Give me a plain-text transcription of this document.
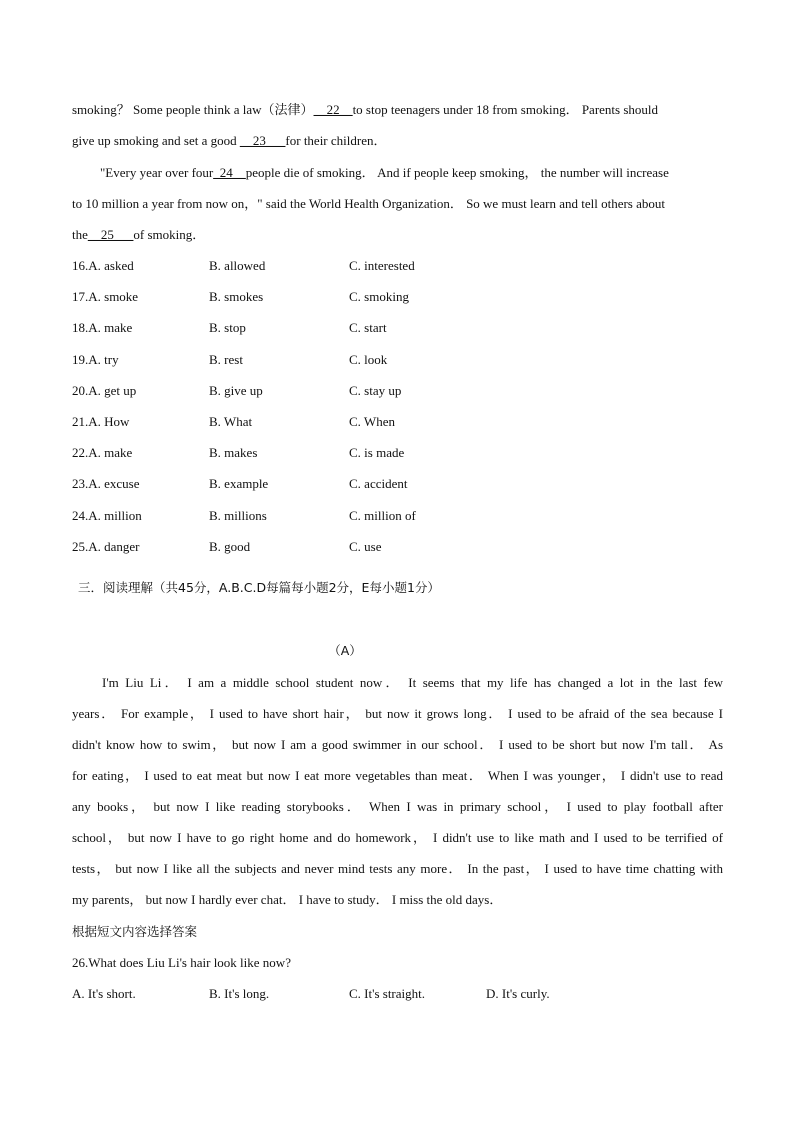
smoking？ Some people think a law（法律）__22__to stop teenagers under 18 from smoking． Parents should
give up smoking and set a good __23___for their children．
"Every year over four_24__people die of smoking． And if people keep smoking， the number will increase
to 10 million a year from now on，" said the World Health Organization． So we must learn and tell others about
the__25___of smoking．
16.A. asked	B. allowed	C. interested
17.A. smoke	B. smokes	C. smoking
18.A. make	B. stop	C. start
19.A. try	B. rest	C. look
20.A. get up	B. give up	C. stay up
21.A. How	B. What	C. When
22.A. make	B. makes	C. is made
23.A. excuse	B. example	C. accident
24.A. million	B. millions	C. million of
25.A. danger	B. good	C. use
三．阅读理解（共45分，A.B.C.D每篇每小题2分，E每小题1分）
（A）
I'm Liu Li． I am a middle school student now． It seems that my life has changed a lot in the last few
years． For example， I used to have short hair， but now it grows long． I used to be afraid of the sea because I
didn't know how to swim， but now I am a good swimmer in our school． I used to be short but now I'm tall． As
for eating， I used to eat meat but now I eat more vegetables than meat． When I was younger， I didn't use to read
any books， but now I like reading storybooks． When I was in primary school， I used to play football after
school， but now I have to go right home and do homework， I didn't use to like math and I used to be terrified of
tests， but now I like all the subjects and never mind tests any more． In the past， I used to have time chatting with
my parents， but now I hardly ever chat． I have to study． I miss the old days．
根据短文内容选择答案
26.What does Liu Li's hair look like now?
A. It's short.	B. It's long.	C. It's straight.	D. It's curly.
